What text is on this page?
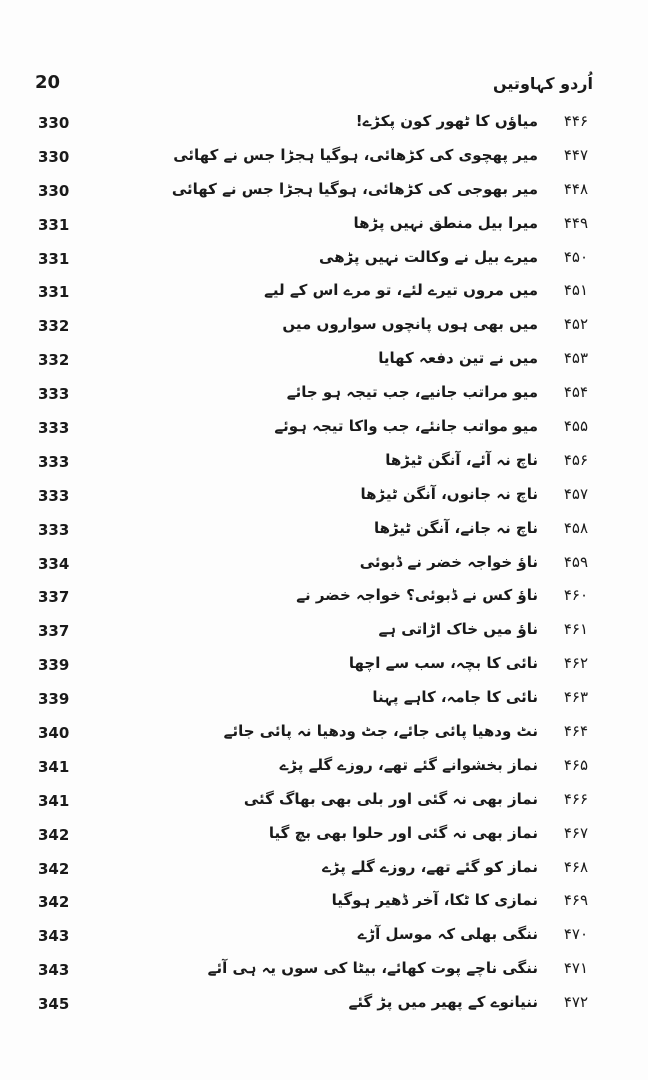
20	اُردو کہاوتیں
330	۴۴۶میاؤں کا ٹھور کون پکڑے!
330	۴۴۷میر پھچوی کی کڑھائی، ہوگیا ہجڑا جس نے کھائی
330	۴۴۸میر بھوجی کی کڑھائی، ہوگیا ہجڑا جس نے کھائی
331	۴۴۹میرا بیل منطق نہیں پڑھا
331	۴۵۰میرے بیل نے وکالت نہیں پڑھی
331	۴۵۱میں مروں تیرے لئے، تو مرے اس کے لیے
332	۴۵۲میں بھی ہوں پانچوں سواروں میں
332	۴۵۳میں نے تین دفعہ کھایا
333	۴۵۴میو مراتب جانیے، جب تیجہ ہو جائے
333	۴۵۵میو مواتب جانئے، جب واکا تیجہ ہوئے
333	۴۵۶ناچ نہ آئے، آنگن ٹیڑھا
333	۴۵۷ناچ نہ جانوں، آنگن ٹیڑھا
333	۴۵۸ناچ نہ جانے، آنگن ٹیڑھا
334	۴۵۹ناؤ خواجہ خضر نے ڈبوئی
337	۴۶۰ناؤ کس نے ڈبوئی؟ خواجہ خضر نے
337	۴۶۱ناؤ میں خاک اڑاتی ہے
339	۴۶۲نائی کا بچہ، سب سے اچھا
339	۴۶۳نائی کا جامہ، کاہے پہنا
340	۴۶۴نٹ ودھیا پائی جائے، جٹ ودھیا نہ پائی جائے
341	۴۶۵نماز بخشوانے گئے تھے، روزے گلے پڑے
341	۴۶۶نماز بھی نہ گئی اور بلی بھی بھاگ گئی
342	۴۶۷نماز بھی نہ گئی اور حلوا بھی بچ گیا
342	۴۶۸نماز کو گئے تھے، روزے گلے پڑے
342	۴۶۹نمازی کا ٹکا، آخر ڈھیر ہوگیا
343	۴۷۰ننگی بھلی کہ موسل آڑے
343	۴۷۱ننگی ناچے پوت کھائے، بیٹا کی سوں یہ ہی آئے
345	۴۷۲ننیانوے کے پھیر میں پڑ گئے
